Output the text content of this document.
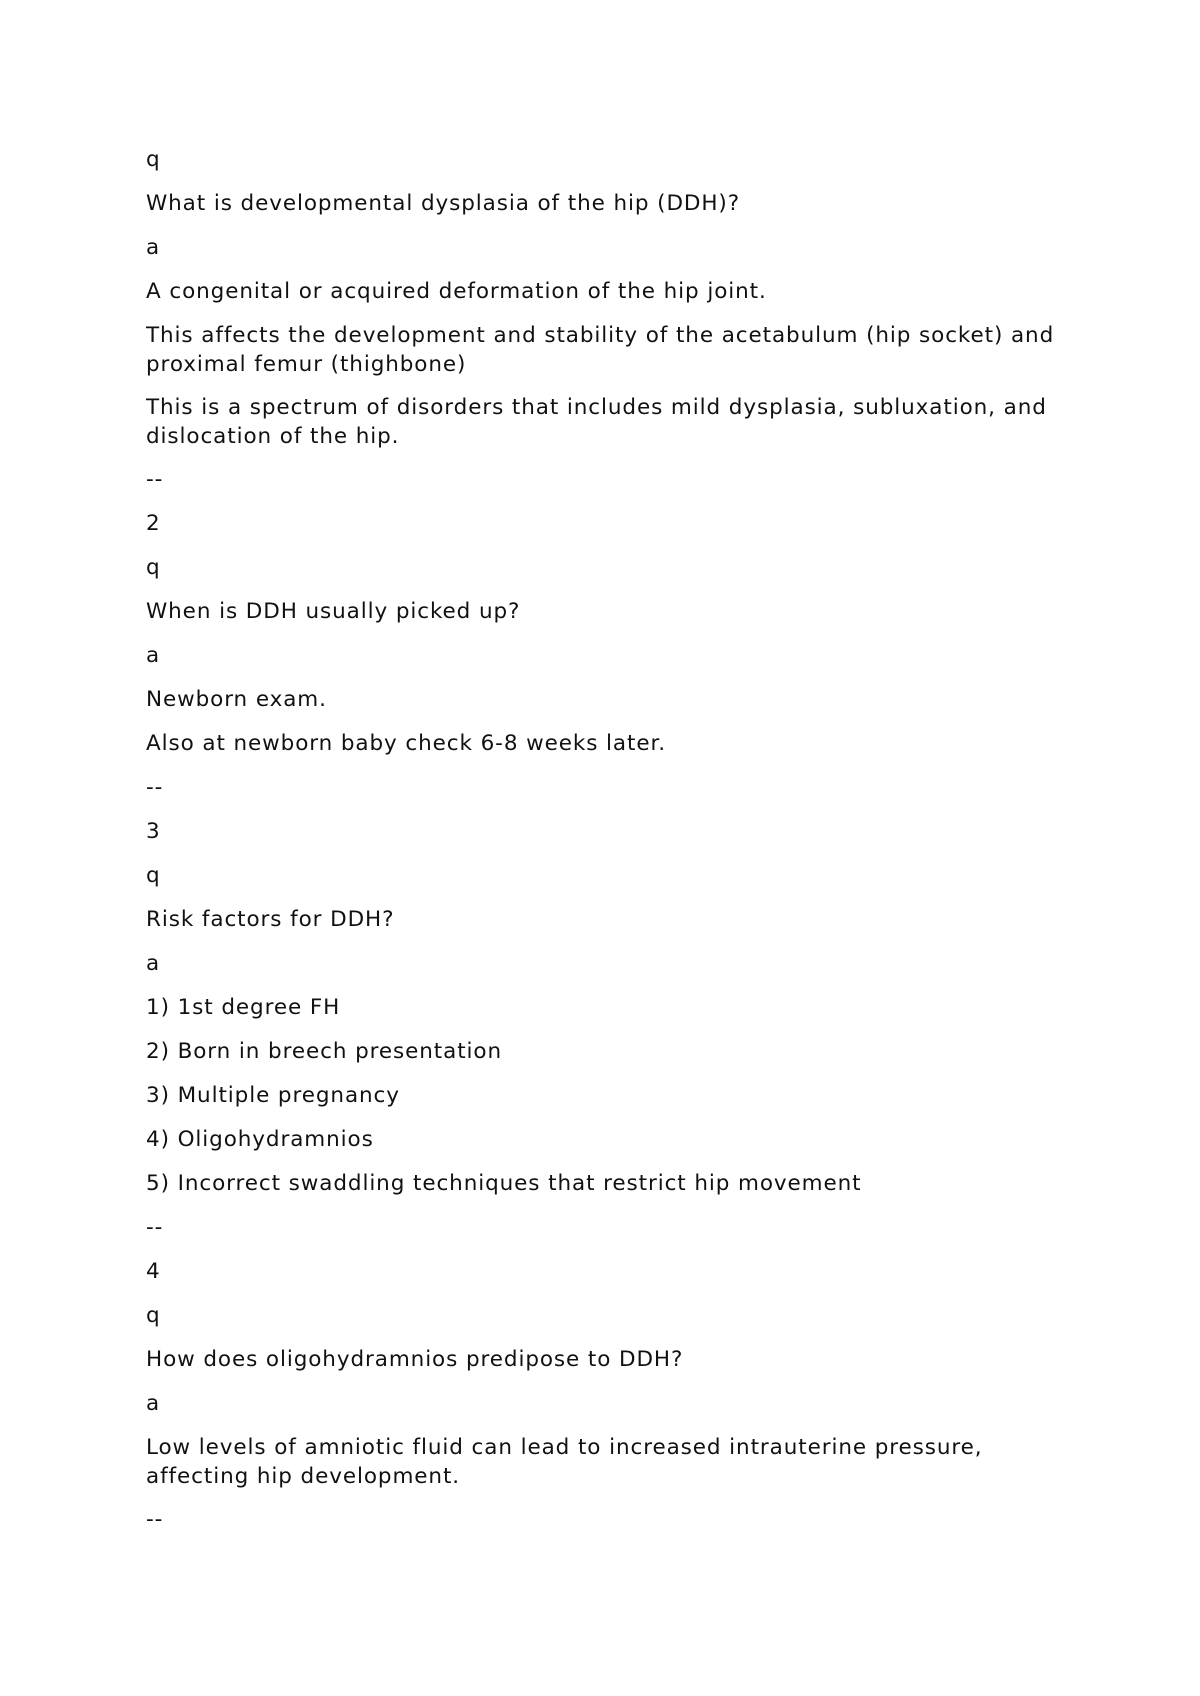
q

What is developmental dysplasia of the hip (DDH)?

a

A congenital or acquired deformation of the hip joint.

This affects the development and stability of the acetabulum (hip socket) and proximal femur (thighbone)

This is a spectrum of disorders that includes mild dysplasia, subluxation, and dislocation of the hip.

--

2

q

When is DDH usually picked up?

a

Newborn exam.

Also at newborn baby check 6-8 weeks later.

--

3

q

Risk factors for DDH?

a

1) 1st degree FH

2) Born in breech presentation

3) Multiple pregnancy

4) Oligohydramnios

5) Incorrect swaddling techniques that restrict hip movement

--

4

q

How does oligohydramnios predipose to DDH?

a

Low levels of amniotic fluid can lead to increased intrauterine pressure, affecting hip development.

--
